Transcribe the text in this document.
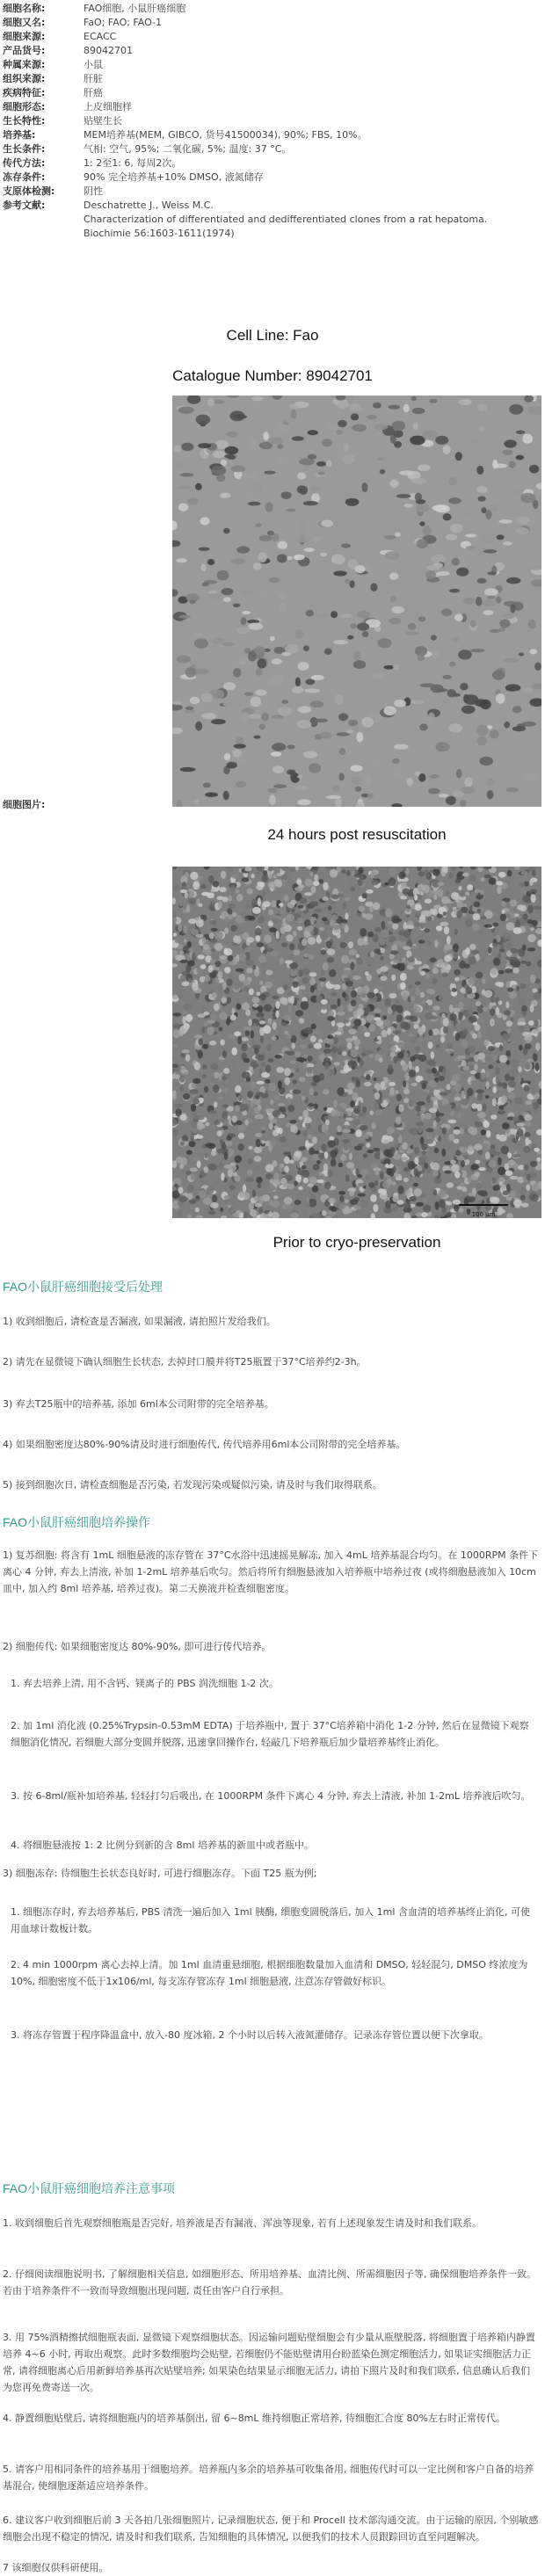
细胞名称:	FAO细胞, 小鼠肝癌细胞
细胞又名:	FaO; FAO; FAO-1
细胞来源:	ECACC
产品货号:	89042701
种属来源:	小鼠
组织来源:	肝脏
疾病特征:	肝癌
细胞形态:	上皮细胞样
生长特性:	贴壁生长
培养基:	MEM培养基(MEM, GIBCO, 货号41500034), 90%; FBS, 10%。
生长条件:	气相: 空气, 95%; 二氧化碳, 5%; 温度: 37 °C。
传代方法:	1: 2至1: 6, 每周2次。
冻存条件:	90% 完全培养基+10% DMSO, 液氮储存
支原体检测:	阴性
参考文献:	Deschatrette J., Weiss M.C.
Characterization of differentiated and dedifferentiated clones from a rat hepatoma.
Biochimie 56:1603-1611(1974)
Cell Line: Fao
Catalogue Number: 89042701
细胞图片:
24 hours post resuscitation
100 μm
Prior to cryo-preservation
FAO小鼠肝癌细胞接受后处理
1) 收到细胞后, 请检查是否漏液, 如果漏液, 请拍照片发给我们。
2) 请先在显微镜下确认细胞生长状态, 去掉封口膜并将T25瓶置于37°C培养约2-3h。
3) 弃去T25瓶中的培养基, 添加 6ml本公司附带的完全培养基。
4) 如果细胞密度达80%-90%请及时进行细胞传代, 传代培养用6ml本公司附带的完全培养基。
5) 接到细胞次日, 请检查细胞是否污染, 若发现污染或疑似污染, 请及时与我们取得联系。
FAO小鼠肝癌细胞培养操作
1) 复苏细胞: 将含有 1mL 细胞悬液的冻存管在 37°C水浴中迅速摇晃解冻, 加入 4mL 培养基混合均匀。在 1000RPM 条件下离心 4 分钟, 弃去上清液, 补加 1-2mL 培养基后吹匀。然后将所有细胞悬液加入培养瓶中培养过夜 (或将细胞悬液加入 10cm 皿中, 加入约 8ml 培养基, 培养过夜)。第二天换液并检查细胞密度。
2) 细胞传代: 如果细胞密度达 80%-90%, 即可进行传代培养。
1. 弃去培养上清, 用不含钙、镁离子的 PBS 润洗细胞 1-2 次。
2. 加 1ml 消化液 (0.25%Trypsin-0.53mM EDTA) 于培养瓶中, 置于 37°C培养箱中消化 1-2 分钟, 然后在显微镜下观察细胞消化情况, 若细胞大部分变圆并脱落, 迅速拿回操作台, 轻敲几下培养瓶后加少量培养基终止消化。
3. 按 6-8ml/瓶补加培养基, 轻轻打匀后吸出, 在 1000RPM 条件下离心 4 分钟, 弃去上清液, 补加 1-2mL 培养液后吹匀。
4. 将细胞悬液按 1: 2 比例分到新的含 8ml 培养基的新皿中或者瓶中。
3) 细胞冻存: 待细胞生长状态良好时, 可进行细胞冻存。下面 T25 瓶为例;
1. 细胞冻存时, 弃去培养基后, PBS 清洗一遍后加入 1ml 胰酶, 细胞变圆脱落后, 加入 1ml 含血清的培养基终止消化, 可使用血球计数板计数。
2. 4 min 1000rpm 离心去掉上清。加 1ml 血清重悬细胞, 根据细胞数量加入血清和 DMSO, 轻轻混匀, DMSO 终浓度为 10%, 细胞密度不低于1x106/ml, 每支冻存管冻存 1ml 细胞悬液, 注意冻存管做好标识。
3. 将冻存管置于程序降温盒中, 放入-80 度冰箱, 2 个小时以后转入液氮灌储存。记录冻存管位置以便下次拿取。
FAO小鼠肝癌细胞培养注意事项
1. 收到细胞后首先观察细胞瓶是否完好, 培养液是否有漏液、浑浊等现象, 若有上述现象发生请及时和我们联系。
2. 仔细阅读细胞说明书, 了解细胞相关信息, 如细胞形态、所用培养基、血清比例、所需细胞因子等, 确保细胞培养条件一致。若由于培养条件不一致而导致细胞出现问题, 责任由客户自行承担。
3. 用 75%酒精擦拭细胞瓶表面, 显微镜下观察细胞状态。因运输问题贴壁细胞会有少量从瓶壁脱落, 将细胞置于培养箱内静置培养 4~6 小时, 再取出观察。此时多数细胞均会贴壁, 若细胞仍不能贴壁请用台盼蓝染色测定细胞活力, 如果证实细胞活力正常, 请将细胞离心后用新鲜培养基再次贴壁培养; 如果染色结果显示细胞无活力, 请拍下照片及时和我们联系, 信息确认后我们为您再免费寄送一次。
4. 静置细胞贴壁后, 请将细胞瓶内的培养基倒出, 留 6~8mL 维持细胞正常培养, 待细胞汇合度 80%左右时正常传代。
5. 请客户用相同条件的培养基用于细胞培养。培养瓶内多余的培养基可收集备用, 细胞传代时可以一定比例和客户自备的培养基混合, 使细胞逐渐适应培养条件。
6. 建议客户收到细胞后前 3 天各拍几张细胞照片, 记录细胞状态, 便于和 Procell 技术部沟通交流。由于运输的原因, 个别敏感细胞会出现不稳定的情况, 请及时和我们联系, 告知细胞的具体情况, 以便我们的技术人员跟踪回访直至问题解决。
7 该细胞仅供科研使用。
